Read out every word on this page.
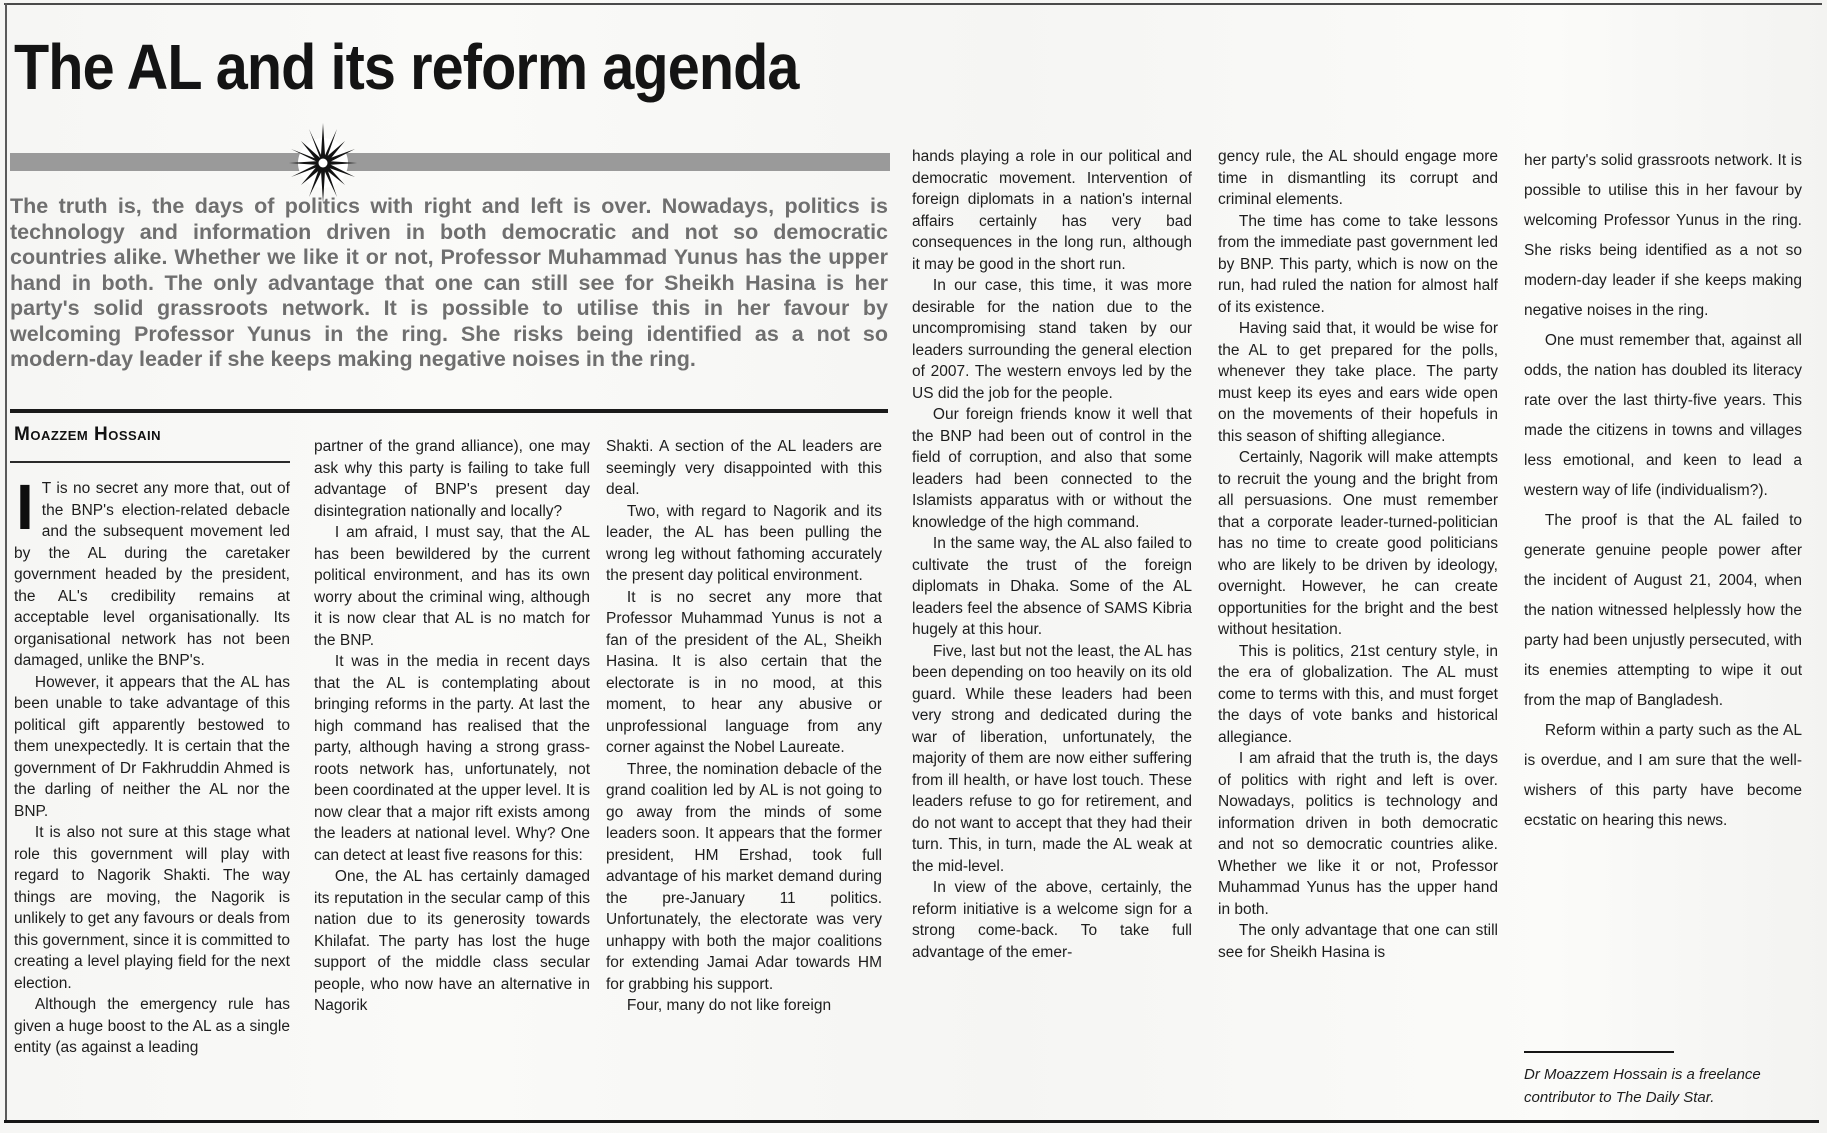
The AL and its reform agenda

The truth is, the days of politics with right and left is over. Nowadays, politics is technology and information driven in both democratic and not so democratic countries alike. Whether we like it or not, Professor Muhammad Yunus has the upper hand in both. The only advantage that one can still see for Sheikh Hasina is her party's solid grassroots network. It is possible to utilise this in her favour by welcoming Professor Yunus in the ring. She risks being identified as a not so modern-day leader if she keeps making negative noises in the ring.

Moazzem Hossain

I T is no secret any more that, out of the BNP's election-related debacle and the subsequent movement led by the AL during the caretaker government headed by the president, the AL's credibility remains at acceptable level organisationally. Its organisational network has not been damaged, unlike the BNP's.

However, it appears that the AL has been unable to take advantage of this political gift apparently bestowed to them unexpectedly. It is certain that the government of Dr Fakhruddin Ahmed is the darling of neither the AL nor the BNP.

It is also not sure at this stage what role this government will play with regard to Nagorik Shakti. The way things are moving, the Nagorik is unlikely to get any favours or deals from this government, since it is committed to creating a level playing field for the next election.

Although the emergency rule has given a huge boost to the AL as a single entity (as against a leading

partner of the grand alliance), one may ask why this party is failing to take full advantage of BNP's present day disintegration nationally and locally?

I am afraid, I must say, that the AL has been bewildered by the current political environment, and has its own worry about the criminal wing, although it is now clear that AL is no match for the BNP.

It was in the media in recent days that the AL is contemplating about bringing reforms in the party. At last the high command has realised that the party, although having a strong grass-roots network has, unfortunately, not been coordinated at the upper level. It is now clear that a major rift exists among the leaders at national level. Why? One can detect at least five reasons for this:

One, the AL has certainly damaged its reputation in the secular camp of this nation due to its generosity towards Khilafat. The party has lost the huge support of the middle class secular people, who now have an alternative in Nagorik

Shakti. A section of the AL leaders are seemingly very disappointed with this deal.

Two, with regard to Nagorik and its leader, the AL has been pulling the wrong leg without fathoming accurately the present day political environment.

It is no secret any more that Professor Muhammad Yunus is not a fan of the president of the AL, Sheikh Hasina. It is also certain that the electorate is in no mood, at this moment, to hear any abusive or unprofessional language from any corner against the Nobel Laureate.

Three, the nomination debacle of the grand coalition led by AL is not going to go away from the minds of some leaders soon. It appears that the former president, HM Ershad, took full advantage of his market demand during the pre-January 11 politics. Unfortunately, the electorate was very unhappy with both the major coalitions for extending Jamai Adar towards HM for grabbing his support.

Four, many do not like foreign

hands playing a role in our political and democratic movement. Intervention of foreign diplomats in a nation's internal affairs certainly has very bad consequences in the long run, although it may be good in the short run.

In our case, this time, it was more desirable for the nation due to the uncompromising stand taken by our leaders surrounding the general election of 2007. The western envoys led by the US did the job for the people.

Our foreign friends know it well that the BNP had been out of control in the field of corruption, and also that some leaders had been connected to the Islamists apparatus with or without the knowledge of the high command.

In the same way, the AL also failed to cultivate the trust of the foreign diplomats in Dhaka. Some of the AL leaders feel the absence of SAMS Kibria hugely at this hour.

Five, last but not the least, the AL has been depending on too heavily on its old guard. While these leaders had been very strong and dedicated during the war of liberation, unfortunately, the majority of them are now either suffering from ill health, or have lost touch. These leaders refuse to go for retirement, and do not want to accept that they had their turn. This, in turn, made the AL weak at the mid-level.

In view of the above, certainly, the reform initiative is a welcome sign for a strong come-back. To take full advantage of the emer-

gency rule, the AL should engage more time in dismantling its corrupt and criminal elements.

The time has come to take lessons from the immediate past government led by BNP. This party, which is now on the run, had ruled the nation for almost half of its existence.

Having said that, it would be wise for the AL to get prepared for the polls, whenever they take place. The party must keep its eyes and ears wide open on the movements of their hopefuls in this season of shifting allegiance.

Certainly, Nagorik will make attempts to recruit the young and the bright from all persuasions. One must remember that a corporate leader-turned-politician has no time to create good politicians who are likely to be driven by ideology, overnight. However, he can create opportunities for the bright and the best without hesitation.

This is politics, 21st century style, in the era of globalization. The AL must come to terms with this, and must forget the days of vote banks and historical allegiance.

I am afraid that the truth is, the days of politics with right and left is over. Nowadays, politics is technology and information driven in both democratic and not so democratic countries alike. Whether we like it or not, Professor Muhammad Yunus has the upper hand in both.

The only advantage that one can still see for Sheikh Hasina is

Dr Moazzem Hossain is a freelance contributor to The Daily Star.

her party's solid grassroots network. It is possible to utilise this in her favour by welcoming Professor Yunus in the ring. She risks being identified as a not so modern-day leader if she keeps making negative noises in the ring.

One must remember that, against all odds, the nation has doubled its literacy rate over the last thirty-five years. This made the citizens in towns and villages less emotional, and keen to lead a western way of life (individualism?).

The proof is that the AL failed to generate genuine people power after the incident of August 21, 2004, when the nation witnessed helplessly how the party had been unjustly persecuted, with its enemies attempting to wipe it out from the map of Bangladesh.

Reform within a party such as the AL is overdue, and I am sure that the well-wishers of this party have become ecstatic on hearing this news.
